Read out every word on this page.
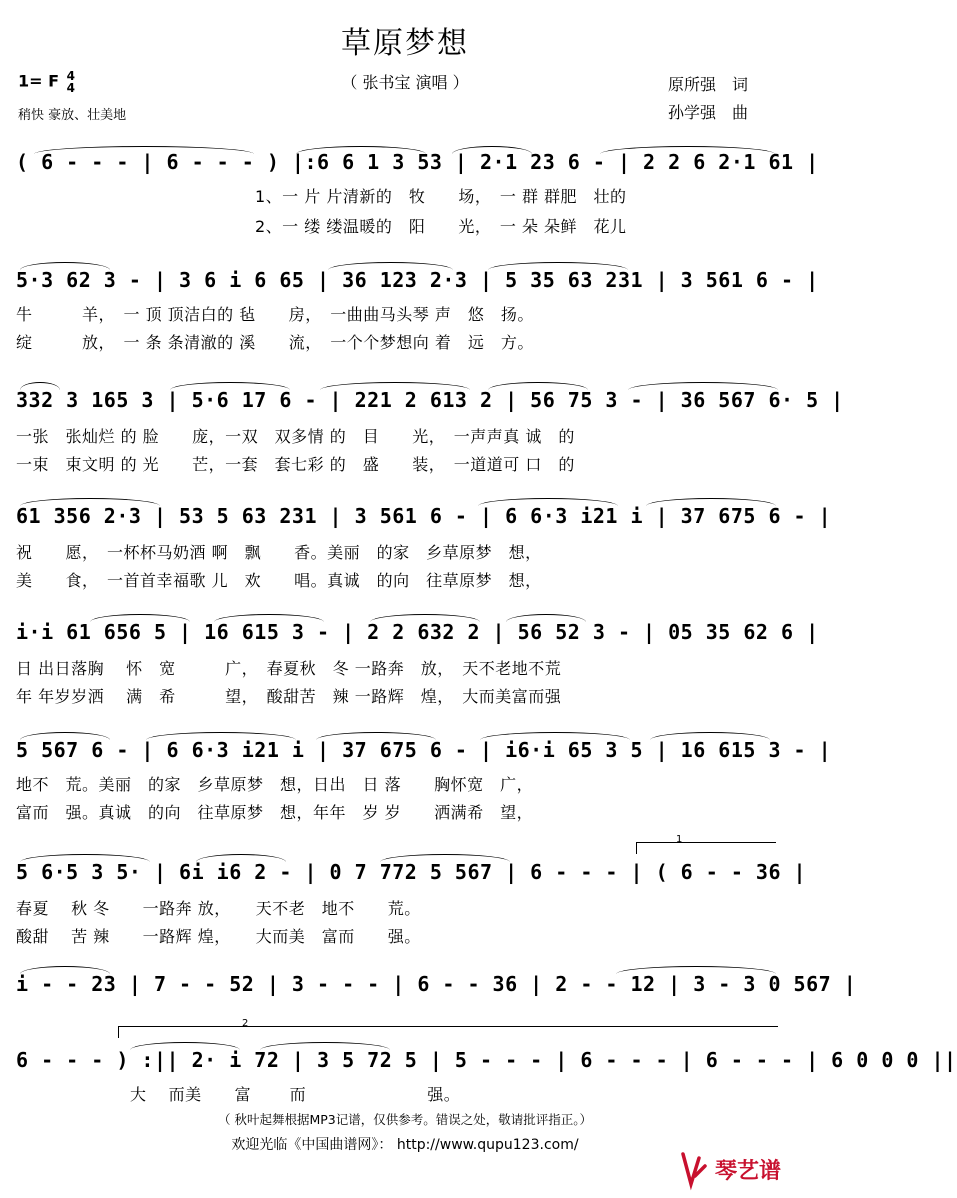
草原梦想
（ 张书宝 演唱 ）
1= F 4
4
稍快 豪放、壮美地
原所强　词
孙学强　曲
( 6 - - - | 6 - - - ) |:6 6 1 3 53 | 2·1 23 6 - | 2 2 6 2·1 61 |
1、一 片 片清新的　牧　　场，　一 群 群肥　壮的
2、一 缕 缕温暖的　阳　　光，　一 朵 朵鲜　花儿
5·3 62 3 - | 3 6 i 6 65 | 36 123 2·3 | 5 35 63 231 | 3 561 6 - |
牛　　　羊，　一 顶 顶洁白的 毡　　房，　一曲曲马头琴 声　悠　扬。
绽　　　放，　一 条 条清澈的 溪　　流，　一个个梦想向 着　远　方。
332 3 165 3 | 5·6 17 6 - | 221 2 613 2 | 56 75 3 - | 36 567 6· 5 |
一张　张灿烂 的 脸　　庞，一双　双多情 的　目　　光，　一声声真 诚　的
一束　束文明 的 光　　芒，一套　套七彩 的　盛　　装，　一道道可 口　的
61 356 2·3 | 53 5 63 231 | 3 561 6 - | 6 6·3 i21 i | 37 675 6 - |
祝　　愿，　一杯杯马奶酒 啊　飘　　香。美丽　的家　乡草原梦　想，
美　　食，　一首首幸福歌 儿　欢　　唱。真诚　的向　往草原梦　想，
i·i 61 656 5 | 16 615 3 - | 2 2 632 2 | 56 52 3 - | 05 35 62 6 |
日 出日落胸　 怀　宽　　　广，　春夏秋　冬 一路奔　放，　天不老地不荒
年 年岁岁洒　 满　希　　　望，　酸甜苦　辣 一路辉　煌，　大而美富而强
5 567 6 - | 6 6·3 i21 i | 37 675 6 - | i6·i 65 3 5 | 16 615 3 - |
地不　荒。美丽　的家　乡草原梦　想，日出　日 落　　胸怀宽　广，
富而　强。真诚　的向　往草原梦　想，年年　岁 岁　　洒满希　望，
1
5 6·5 3 5· | 6i i6 2 - | 0 7 772 5 567 | 6 - - - | ( 6 - - 36 |
春夏　 秋 冬　　一路奔 放，　　天不老　地不　　荒。
酸甜　 苦 辣　　一路辉 煌，　　大而美　富而　　强。
i - - 23 | 7 - - 52 | 3 - - - | 6 - - 36 | 2 - - 12 | 3 - 3 0 567 |
2
6 - - - ) :|| 2· i 72 | 3 5 72 5 | 5 - - - | 6 - - - | 6 - - - | 6 0 0 0 ||
大　 而美　　富　　 而　　　　　　　 强。
（ 秋叶起舞根据MP3记谱，仅供参考。错误之处，敬请批评指正。）
欢迎光临《中国曲谱网》： http://www.qupu123.com/
琴艺谱
